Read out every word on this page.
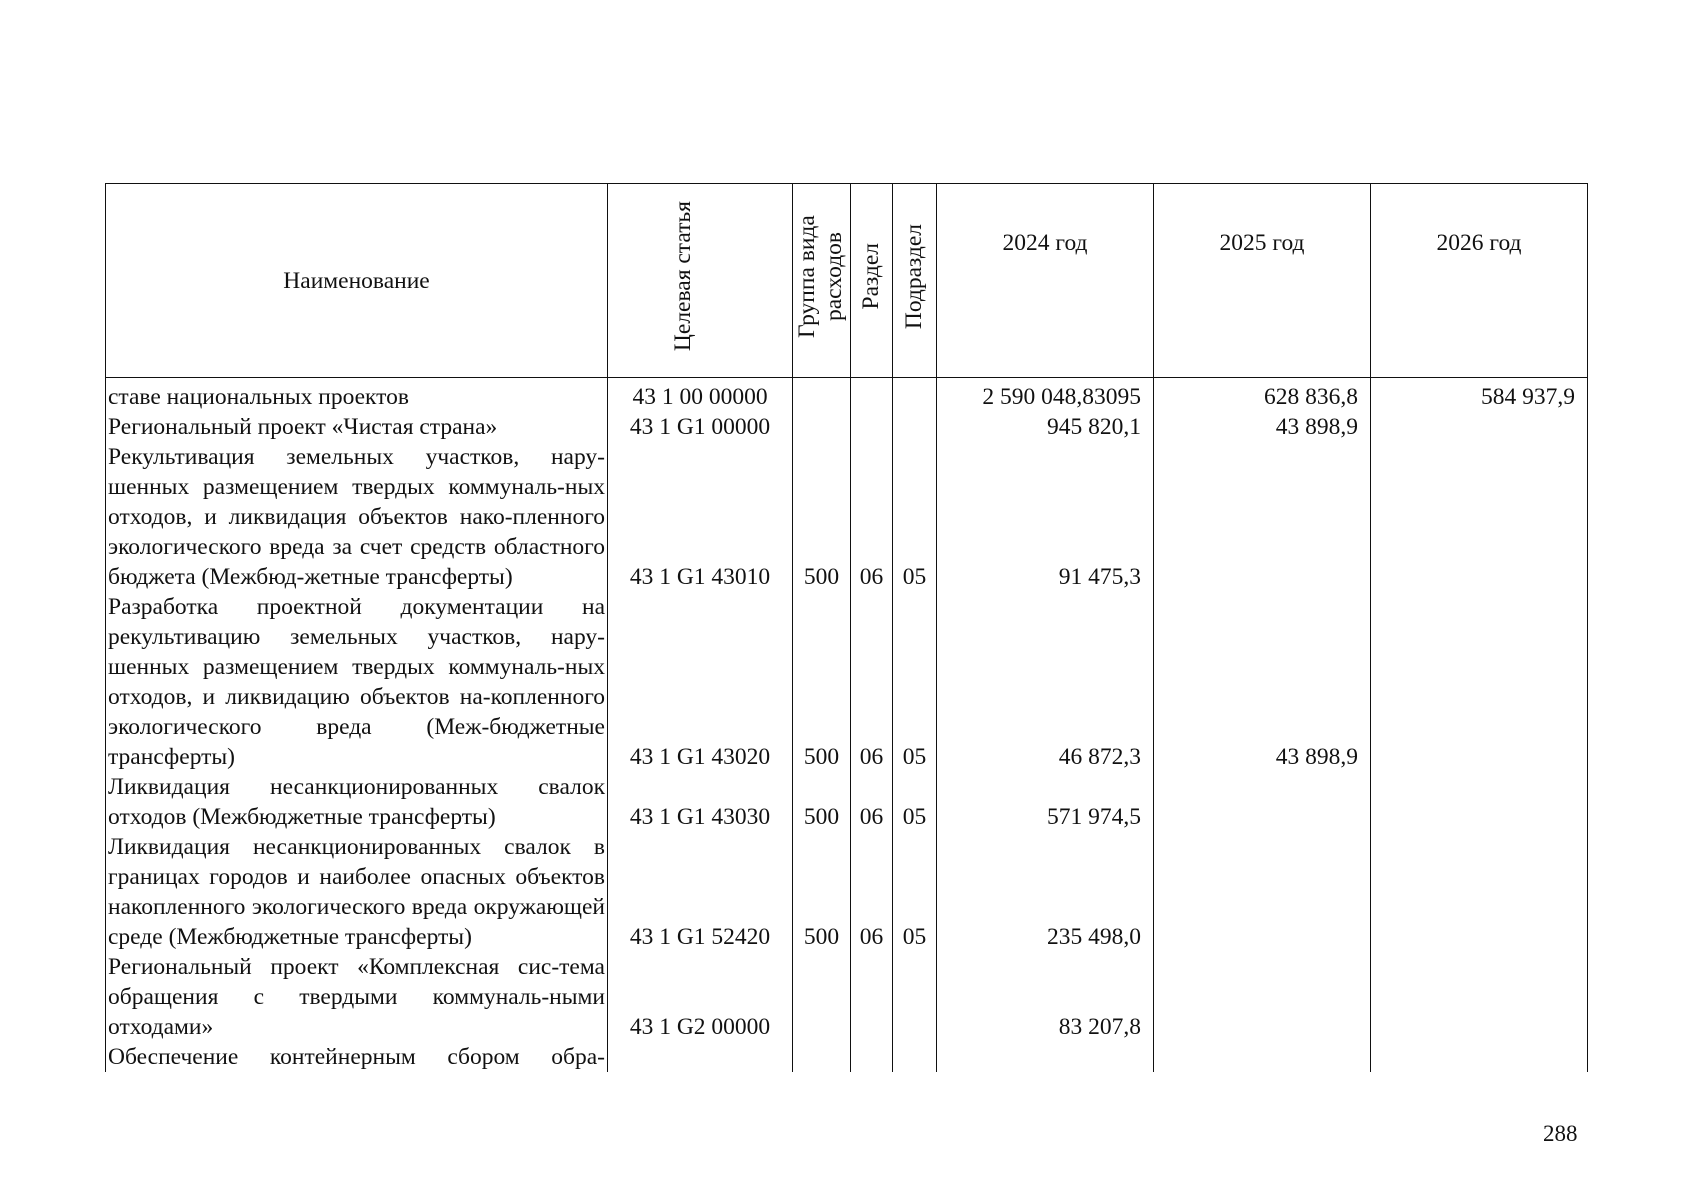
Наименование	Целевая статья	Группа вида расходов	Раздел	Подраздел	2024 год	2025 год	2026 год
ставе национальных проектов	43 1 00 00000				2 590 048,83095	628 836,8	584 937,9
Региональный проект «Чистая страна»	43 1 G1 00000				945 820,1	43 898,9	
Рекультивация земельных участков, нару-шенных размещением твердых коммуналь-ных отходов, и ликвидация объектов нако-пленного экологического вреда за счет средств областного бюджета (Межбюд-жетные трансферты)	43 1 G1 43010	500	06	05	91 475,3		
Разработка проектной документации на рекультивацию земельных участков, нару-шенных размещением твердых коммуналь-ных отходов, и ликвидацию объектов на-копленного экологического вреда (Меж-бюджетные трансферты)	43 1 G1 43020	500	06	05	46 872,3	43 898,9	
Ликвидация несанкционированных свалок отходов (Межбюджетные трансферты)	43 1 G1 43030	500	06	05	571 974,5		
Ликвидация несанкционированных свалок в границах городов и наиболее опасных объектов накопленного экологического вреда окружающей среде (Межбюджетные трансферты)	43 1 G1 52420	500	06	05	235 498,0		
Региональный проект «Комплексная сис-тема обращения с твердыми коммуналь-ными отходами»	43 1 G2 00000				83 207,8		
Обеспечение контейнерным сбором обра-							
288
